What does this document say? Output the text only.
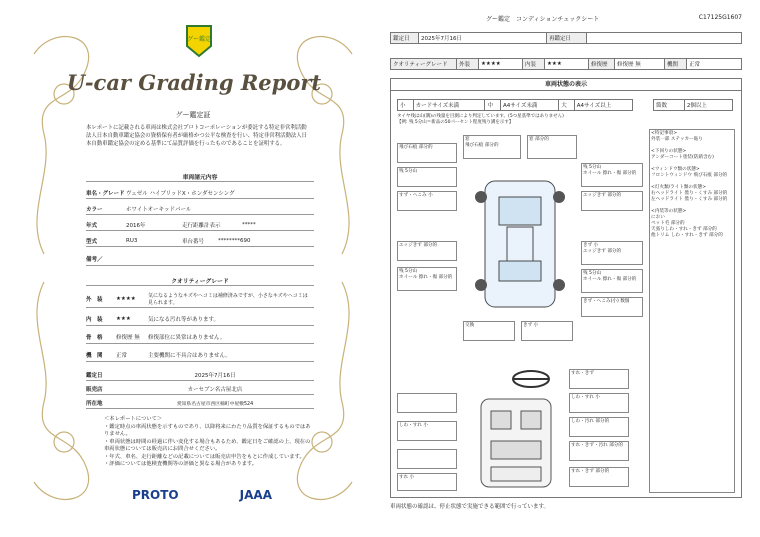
グー鑑定
U-car Grading Report
グー鑑定証
本レポートに記載される車両は株式会社プロトコーポレーションが委託する特定非営利活動法人日本自動車鑑定協会の資格保有者が厳格かつ公平な検査を行い、特定非営利活動法人日本自動車鑑定協会の定める基準にて品質評価を行ったものであることを証明する。
車両諸元内容
車名・グレード ヴェゼル ハイブリッドX・ホンダセンシング
カラー	ホワイトオーキッドパール
年式	2016年	走行距離計表示	*****
型式	RU3	車台番号	********690
備考／
クオリティーグレード
外　装	★★★★	気になるようなキズやヘコミは補修済みですが、小さなキズやヘコミは見られます。
内　装	★★★	気になる汚れ等があります。
骨　格	修復歴 無	修復部位に異常はありません。
機　関	正常	主要機関に不具合はありません。
鑑定日	2025年7月16日
販売店	カーセブン名古屋北店
所在地	愛知県名古屋市西区楠町中屋敷524
＜本レポートについて＞
・鑑定時点の車両状態を示すものであり、以降将来にわたり品質を保証するものではありません。
・車両状態は時間の経過に伴い変化する場合もあるため、鑑定日をご確認の上、現在の車両状態については販売店にお問合せください。
・年式、車名、走行距離などの記載については販売店申告をもとに作成しています。
・評価については他検査機関等の評価と異なる場合があります。
PROTO	JAAA
グー鑑定　コンディションチェックシート	C17125G1607
鑑定日	2025年7月16日	再鑑定日	
クオリティーグレード	外装	★★★★	内装	★★★	修復歴	修復歴 無	機関	正常
車両状態の表示
小	カードサイズ未満	中	A4サイズ未満	大	A4サイズ以上	箇数	2個以上
タイヤ残は山(溝)の残量を目測により判定しています。(5つ星基準ではありません)
【例: 残 5分山＝新品の50パーセント程度残り溝を示す】
<特記事項>
外装一部 ステッカー貼り

<下回りの状態>
アンダーコート塗装(防錆含む)

<ウィンドウ類の状態>
フロントウィンドウ 飛び石痕 部分的

<灯火類/ライト類の状態>
右ヘッドライト 曇り・くすみ 部分的
左ヘッドライト 曇り・くすみ 部分的

<内装等の状態>
におい
ペット毛 部分的
天張りしわ・すれ・きず 部分的
他トリム しわ・すれ・きず 部分的
飛び石痕 部分的
窓
飛び石痕 部分的
窓 部分的
残 5分山
残 5分山
ホイール 擦れ・傷 部分的
すず・へこみ 小	エッジきず 部分的
エッジきず 部分的	きず 小
エッジきず 部分的
残 5分山
ホイール 擦れ・傷 部分的
残 5分山
ホイール 擦れ・傷 部分的
きず・へこみ(小) 数個
交換	きず 小
すれ・きず
しわ・すれ 小
しわ・汚れ 部分的
しわ・すれ 小
すれ・きず・汚れ 部分的
すれ・きず 部分的
すれ 小
車両状態の確認は、停止状態で実施できる範囲で行っています。
